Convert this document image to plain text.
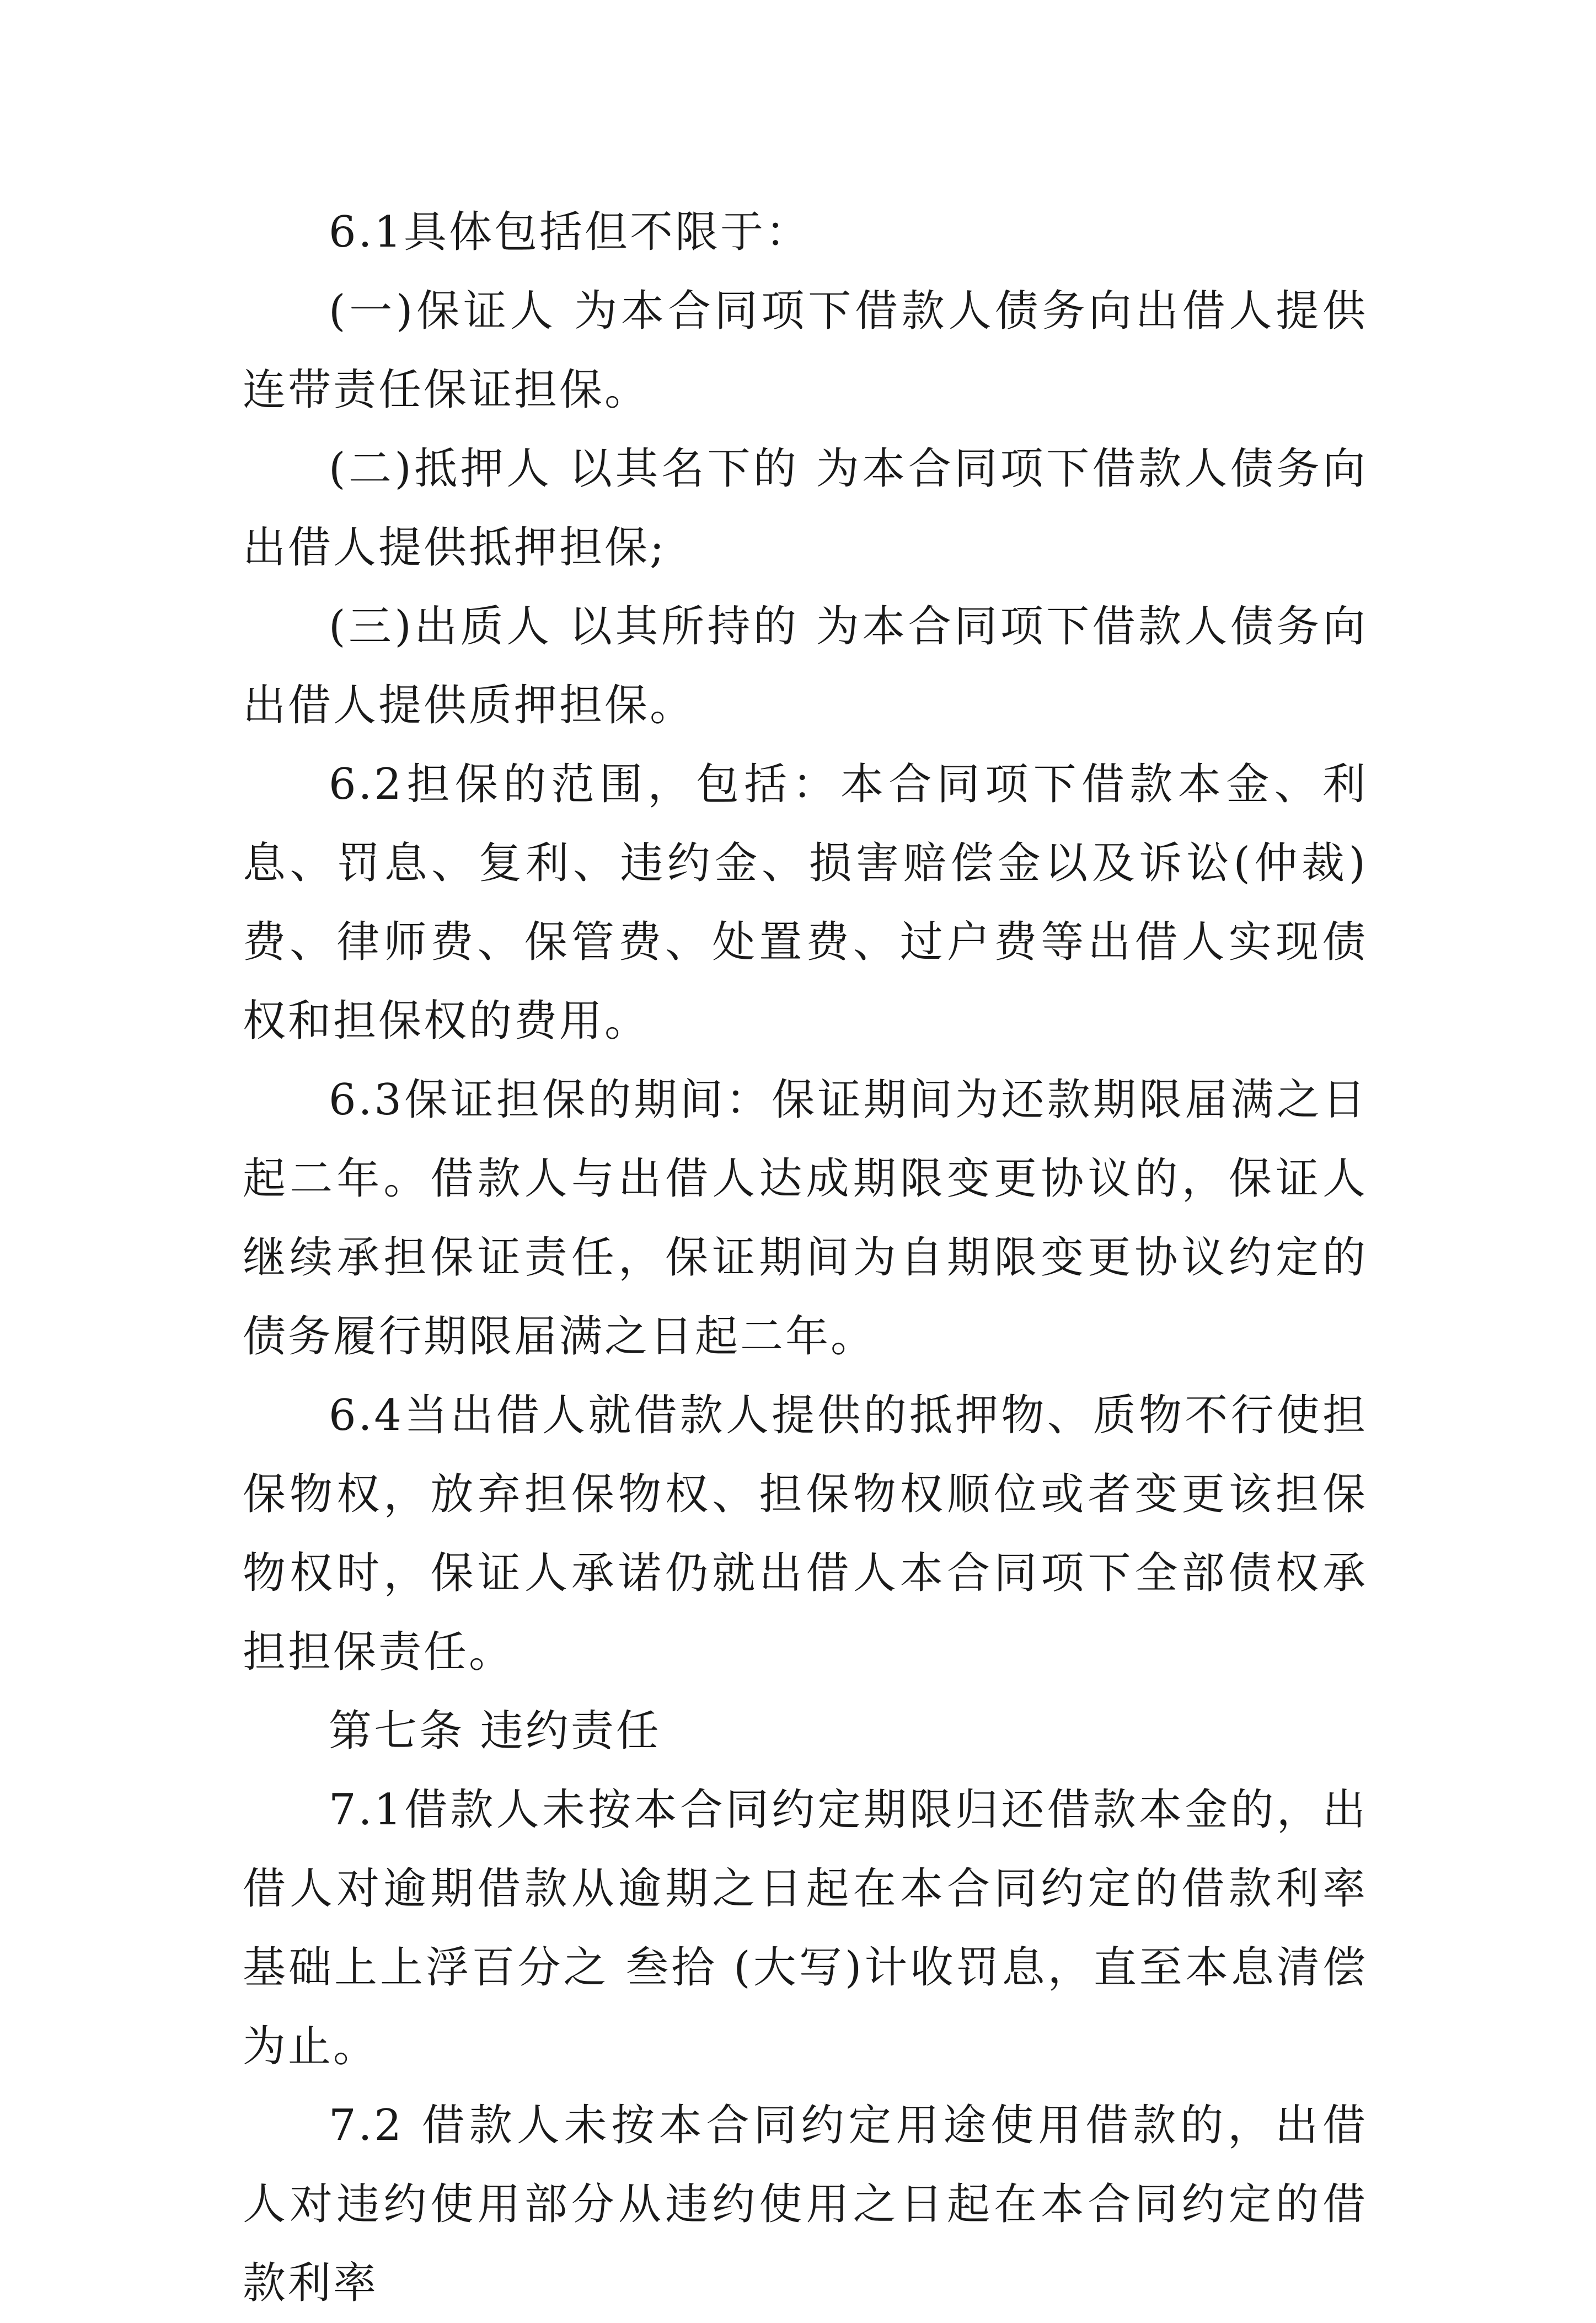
6.1具体包括但不限于：

(一)保证人 为本合同项下借款人债务向出借人提供连带责任保证担保。

(二)抵押人 以其名下的 为本合同项下借款人债务向出借人提供抵押担保;

(三)出质人 以其所持的 为本合同项下借款人债务向出借人提供质押担保。

6.2担保的范围，包括：本合同项下借款本金、利息、罚息、复利、违约金、损害赔偿金以及诉讼(仲裁)费、律师费、保管费、处置费、过户费等出借人实现债权和担保权的费用。

6.3保证担保的期间：保证期间为还款期限届满之日起二年。借款人与出借人达成期限变更协议的，保证人继续承担保证责任，保证期间为自期限变更协议约定的债务履行期限届满之日起二年。

6.4当出借人就借款人提供的抵押物、质物不行使担保物权，放弃担保物权、担保物权顺位或者变更该担保物权时，保证人承诺仍就出借人本合同项下全部债权承担担保责任。

第七条 违约责任

7.1借款人未按本合同约定期限归还借款本金的，出借人对逾期借款从逾期之日起在本合同约定的借款利率基础上上浮百分之 叁拾 (大写)计收罚息，直至本息清偿为止。

7.2 借款人未按本合同约定用途使用借款的，出借人对违约使用部分从违约使用之日起在本合同约定的借款利率
